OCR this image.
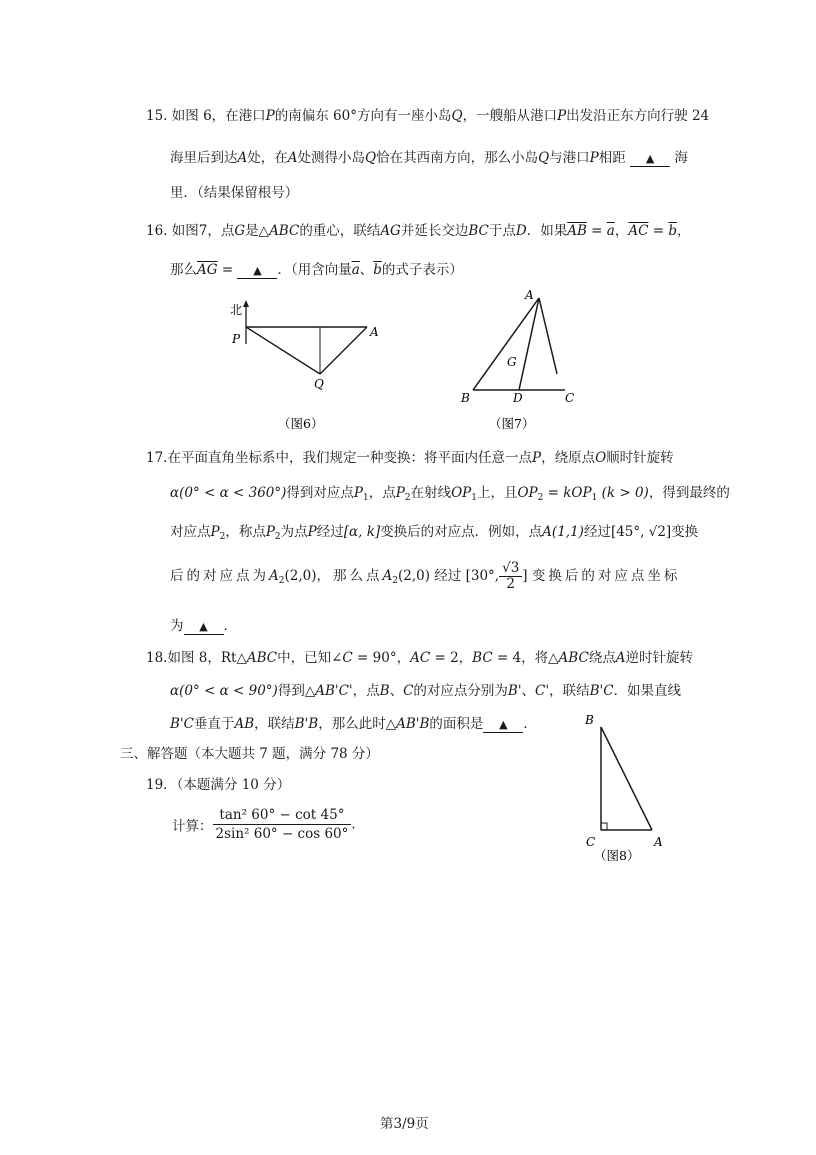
15. 如图 6，在港口P的南偏东 60°方向有一座小岛Q，一艘船从港口P出发沿正东方向行驶 24
海里后到达A处，在A处测得小岛Q恰在其西南方向，那么小岛Q与港口P相距 ▲ 海
里．（结果保留根号）
16. 如图7，点G是△ABC的重心，联结AG并延长交边BC于点D．如果$\overline{AB} = \overline{a}$，$\overline{AC} = \overline{b}$，
那么$\overline{AG}$ = ▲ ．（用含向量$\overline{a}$、$\overline{b}$的式子表示）
北
P	A
Q
（图6）
A
G
B	D	C
（图7）
17.在平面直角坐标系中，我们规定一种变换：将平面内任意一点P，绕原点O顺时针旋转
α(0° < α < 360°)得到对应点$P_1$，点$P_2$在射线$OP_1$上，且$OP_2 = kOP_1$ (k > 0)，得到最终的
对应点$P_2$，称点$P_2$为点P经过[α, k]变换后的对应点．例如，点A(1,1)经过[45°, √2]变换
后的对应点为$A_2(2,0)$，那么点$A_2(2,0)$ 经过 [30°, $\frac{√3}{2}$ ] 变换后的对应点坐标
为 ▲ ．
18.如图 8，Rt△ABC中，已知∠C = 90°，AC = 2，BC = 4，将△ABC绕点A逆时针旋转
α(0° < α < 90°)得到△AB'C'，点B、C的对应点分别为B'、C'，联结B'C．如果直线
B'C垂直于AB，联结B'B，那么此时△AB'B的面积是 ▲ ．	B
C	A
（图8）
三、解答题（本大题共 7 题，满分 78 分）
19．（本题满分 10 分）
计算： $\frac{\text{tan² 60° − cot 45°}}{\text{2sin² 60° − cos 60°}}$ .
第3/9页
